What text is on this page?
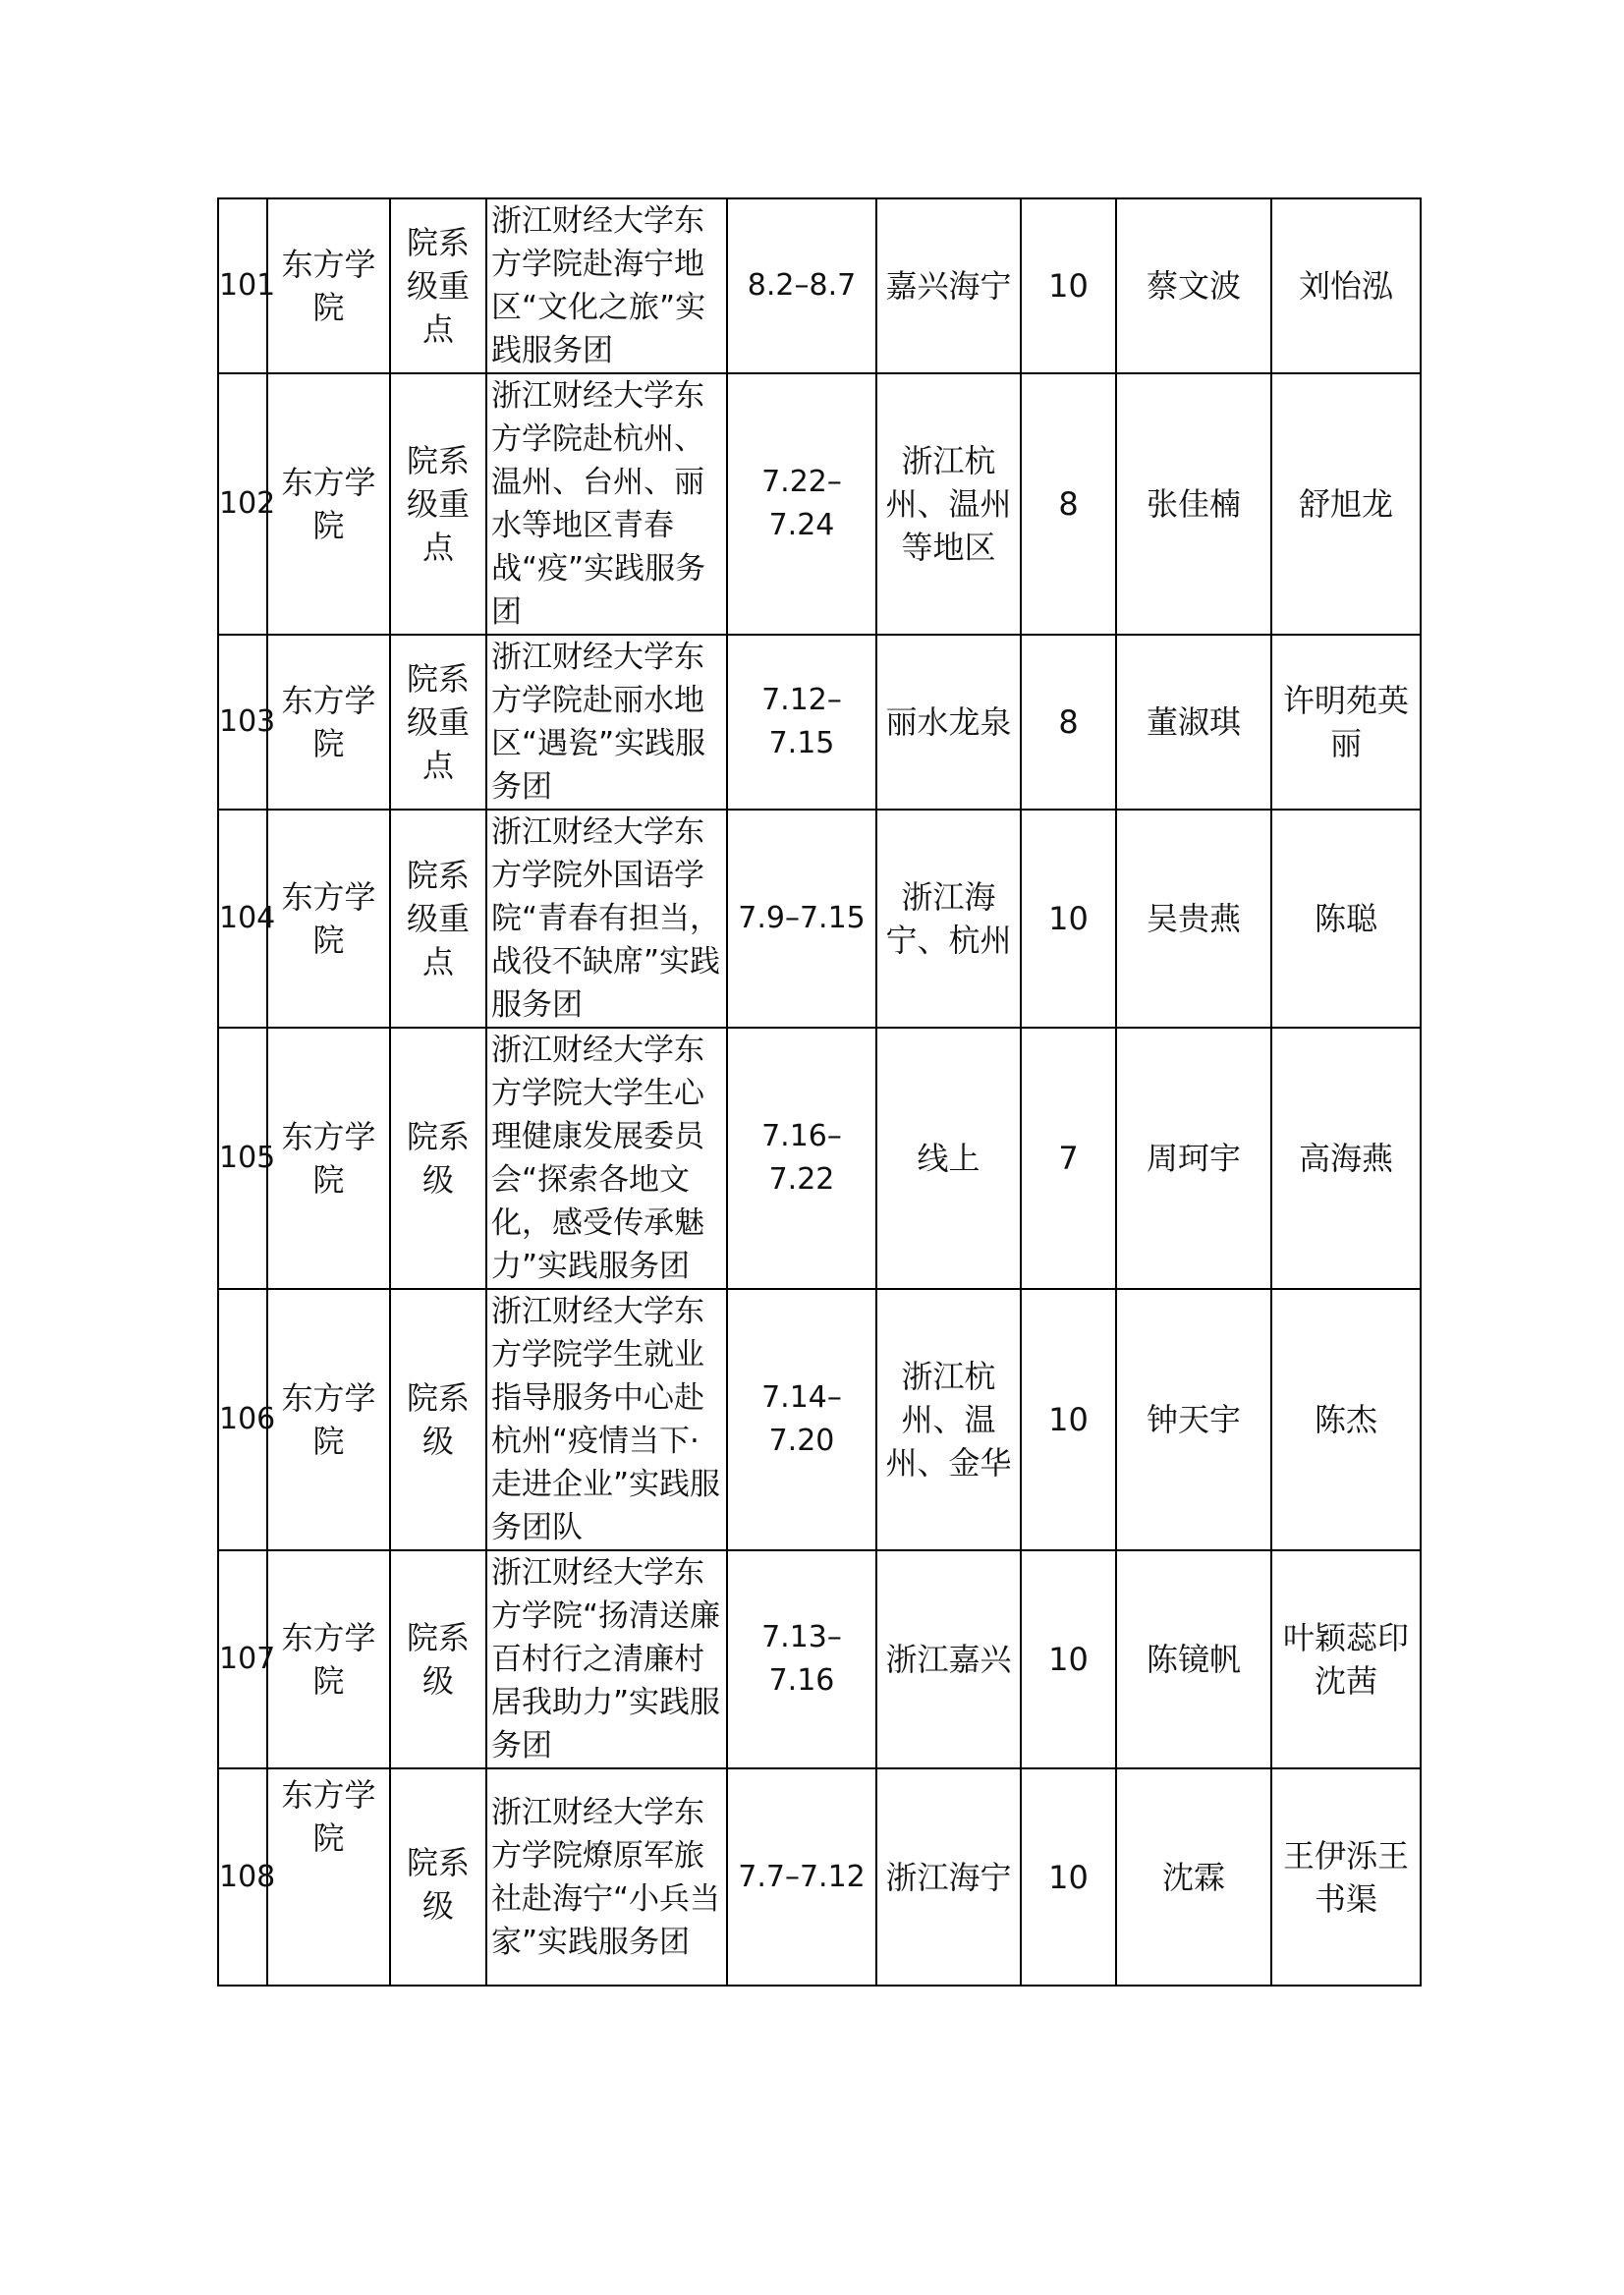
101	东方学院	院系级重点	浙江财经大学东方学院赴海宁地区“文化之旅”实践服务团	8.2–8.7	嘉兴海宁	10	蔡文波	刘怡泓
102	东方学院	院系级重点	浙江财经大学东方学院赴杭州、温州、台州、丽水等地区青春战“疫”实践服务团	7.22–7.24	浙江杭州、温州等地区	8	张佳楠	舒旭龙
103	东方学院	院系级重点	浙江财经大学东方学院赴丽水地区“遇瓷”实践服务团	7.12–7.15	丽水龙泉	8	董淑琪	许明苑英丽
104	东方学院	院系级重点	浙江财经大学东方学院外国语学院“青春有担当，战役不缺席”实践服务团	7.9–7.15	浙江海宁、杭州	10	吴贵燕	陈聪
105	东方学院	院系级	浙江财经大学东方学院大学生心理健康发展委员会“探索各地文化，感受传承魅力”实践服务团	7.16–7.22	线上	7	周珂宇	高海燕
106	东方学院	院系级	浙江财经大学东方学院学生就业指导服务中心赴杭州“疫情当下·走进企业”实践服务团队	7.14–7.20	浙江杭州、温州、金华	10	钟天宇	陈杰
107	东方学院	院系级	浙江财经大学东方学院“扬清送廉百村行之清廉村居我助力”实践服务团	7.13–7.16	浙江嘉兴	10	陈镜帆	叶颖蕊印沈茜
108	东方学院	院系级	浙江财经大学东方学院燎原军旅社赴海宁“小兵当家”实践服务团	7.7–7.12	浙江海宁	10	沈霖	王伊泺王书渠
